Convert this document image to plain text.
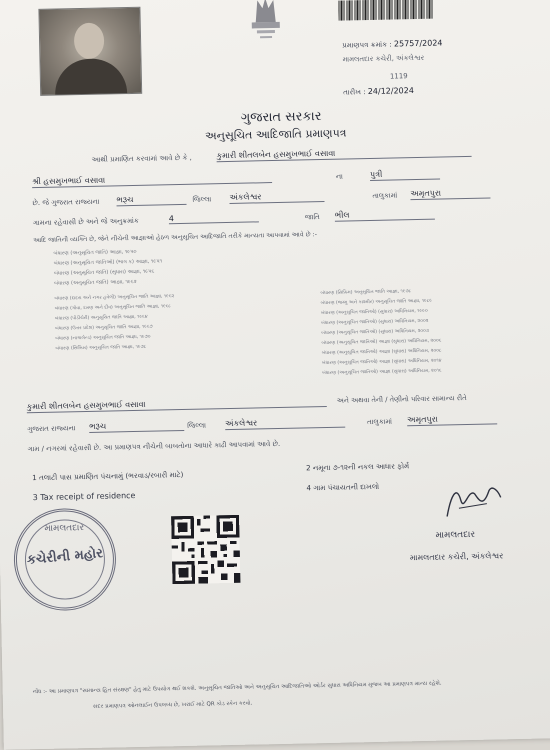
પ્રમાણપત્ર ક્રમાંક : 25757/2024
મામલતદાર કચેરી, અંકલેશ્વર
1119
તારીખ : 24/12/2024
ગુજરાત સરકાર
અનુસૂચિત આદિજાતિ પ્રમાણપત્ર
આથી પ્રમાણિત કરવામાં આવે છે કે ,	કુમારી શીતલબેન હસમુખભાઈ વસાવા
શ્રી હસમુખભાઈ વસાવા	ના	પુત્રી
છે. જે ગુજરાત રાજ્યના ભરૂચ	જિલ્લા અંકલેશ્વર	તાલુકામાં અમૃતપુરા
ગામના રહેવાસી છે અને જે અનુક્રમાંક	4	જાતિ ભીલ
આદિ જાતિની વ્યક્તિ છે, જેને નીચેની આજ્ઞાઓ હેઠળ અનુસૂચિત આદિજાતિ તરીકે માન્યતા આપવામાં આવે છે :-
બંધારણ (અનુસૂચિત જાતિ) આજ્ઞા, ૧૯૫૦
બંધારણ (અનુસૂચિત જાતિઓ) (ભાગ ક) આજ્ઞા, ૧૯૫૧
બંધારણ (અનુસૂચિત જાતિ) (સુધારા) આજ્ઞા, ૧૯૫૬
બંધારણ (અનુસૂચિત જાતિ) આજ્ઞા, ૧૯૬૨
બંધારણ (દાદરા અને નગર હવેલી) અનુસૂચિત જાતિ આજ્ઞા, ૧૯૬૨
બંધારણ (ગોવા, દમણ અને દીવ) અનુસૂચિત જાતિ આજ્ઞા, ૧૯૬૮
બંધારણ (પોંડીચેરી) અનુસૂચિત જાતિ આજ્ઞા, ૧૯૬૪
બંધારણ (ઉત્તર પ્રદેશ) અનુસૂચિત જાતિ આજ્ઞા, ૧૯૬૭
બંધારણ (નાગાલેન્ડ) અનુસૂચિત જાતિ આજ્ઞા, ૧૯૭૦
બંધારણ (સિક્કિમ) અનુસૂચિત જાતિ આજ્ઞા, ૧૯૭૮
બંધારણ (સિક્કિમ) અનુસૂચિત જાતિ આજ્ઞા, ૧૯૭૮
બંધારણ (જમ્મુ અને કાશ્મીર) અનુસૂચિત જાતિ આજ્ઞા, ૧૯૮૯
બંધારણ (અનુસૂચિત જાતિઓ) (સુધારા) અધિનિયમ, ૧૯૯૦
બંધારણ (અનુસૂચિત જાતિઓ) (સુધારા) અધિનિયમ, ૨૦૦૨
બંધારણ (અનુસૂચિત જાતિઓ) (સુધારા) અધિનિયમ, ૨૦૦૩
બંધારણ (અનુસૂચિત જાતિઓ) આજ્ઞા (સુધારા) અધિનિયમ, ૨૦૦૬
બંધારણ (અનુસૂચિત જાતિઓ) આજ્ઞા (સુધારા) અધિનિયમ, ૨૦૦૮
બંધારણ (અનુસૂચિત જાતિઓ) આજ્ઞા (સુધારા) અધિનિયમ, ૨૦૧૪
બંધારણ (અનુસૂચિત જાતિઓ) આજ્ઞા (સુધારા) અધિનિયમ, ૨૦૧૬
કુમારી શીતલબેન હસમુખભાઈ વસાવા
અને અથવા તેની / તેણીનો પરિવાર સામાન્ય રીતે
ગુજરાત રાજ્યના ભરૂચ	જિલ્લા અંકલેશ્વર	તાલુકામાં અમૃતપુરા
ગામ / નગરમાં રહેવાસી છે. આ પ્રમાણપત્ર નીચેની બાબતોના આધારે કાઢી આપવામાં આવે છે.
1 તલાટી પાસ પ્રમાણિત પંચનામું (ભરવાડ/રબારી માટે)
2 નમૂના ૭-૧૨ની નકલ આધાર ફોર્મ
3 Tax receipt of residence
4 ગામ પંચાયતની દાખલો
મામલતદાર
કચેરીની મહોર
મામલતદાર
મામલતદાર કચેરી, અંકલેશ્વર
નોંધ :- આ પ્રમાણપત્ર "સામાન્ય હિત સંરક્ષણ" હેતુ માટે ઉપયોગ થઈ શકશે. અનુસૂચિત જાતિઓ અને અનુસૂચિત આદિજાતિઓ ઓર્ડર સુધારા અધિનિયમ મુજબ આ પ્રમાણપત્ર માન્ય રહેશે.
સદર પ્રમાણપત્ર ઓનલાઈન ઉપલબ્ધ છે, ખરાઈ માટે QR કોડ સ્કેન કરવો.
